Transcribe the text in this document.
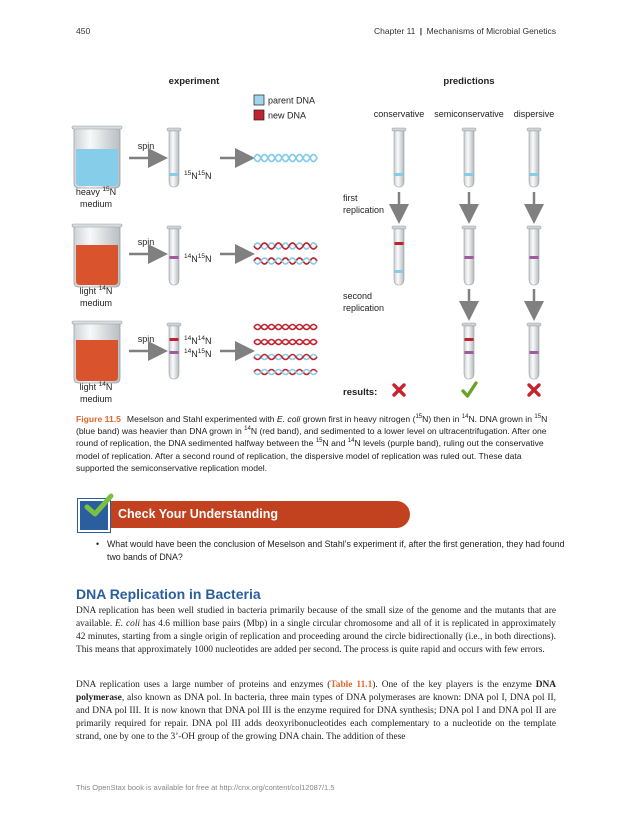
450	Chapter 11 | Mechanisms of Microbial Genetics
experiment	predictions
parent DNA
new DNA	conservative semiconservative dispersive
heavy $^{15}$N
medium
spin
$^{15}N^{15}N$
light $^{14}$N
medium
spin
$^{14}N^{15}N$
light $^{14}$N
medium
spin	$^{14}N^{14}N$
$^{14}N^{15}N$
first replication
second replication
results:
Figure 11.5 Meselson and Stahl experimented with E. coli grown first in heavy nitrogen ($^{15}$N) then in $^{14}$N. DNA grown in $^{15}$N (blue band) was heavier than DNA grown in $^{14}$N (red band), and sedimented to a lower level on ultracentrifugation. After one round of replication, the DNA sedimented halfway between the $^{15}$N and $^{14}$N levels (purple band), ruling out the conservative model of replication. After a second round of replication, the dispersive model of replication was ruled out. These data supported the semiconservative replication model.
Check Your Understanding
• What would have been the conclusion of Meselson and Stahl’s experiment if, after the first generation, they had found two bands of DNA?
DNA Replication in Bacteria
DNA replication has been well studied in bacteria primarily because of the small size of the genome and the mutants that are available. E. coli has 4.6 million base pairs (Mbp) in a single circular chromosome and all of it is replicated in approximately 42 minutes, starting from a single origin of replication and proceeding around the circle bidirectionally (i.e., in both directions). This means that approximately 1000 nucleotides are added per second. The process is quite rapid and occurs with few errors.
DNA replication uses a large number of proteins and enzymes (Table 11.1). One of the key players is the enzyme DNA polymerase, also known as DNA pol. In bacteria, three main types of DNA polymerases are known: DNA pol I, DNA pol II, and DNA pol III. It is now known that DNA pol III is the enzyme required for DNA synthesis; DNA pol I and DNA pol II are primarily required for repair. DNA pol III adds deoxyribonucleotides each complementary to a nucleotide on the template strand, one by one to the 3’-OH group of the growing DNA chain. The addition of these
This OpenStax book is available for free at http://cnx.org/content/col12087/1.5
